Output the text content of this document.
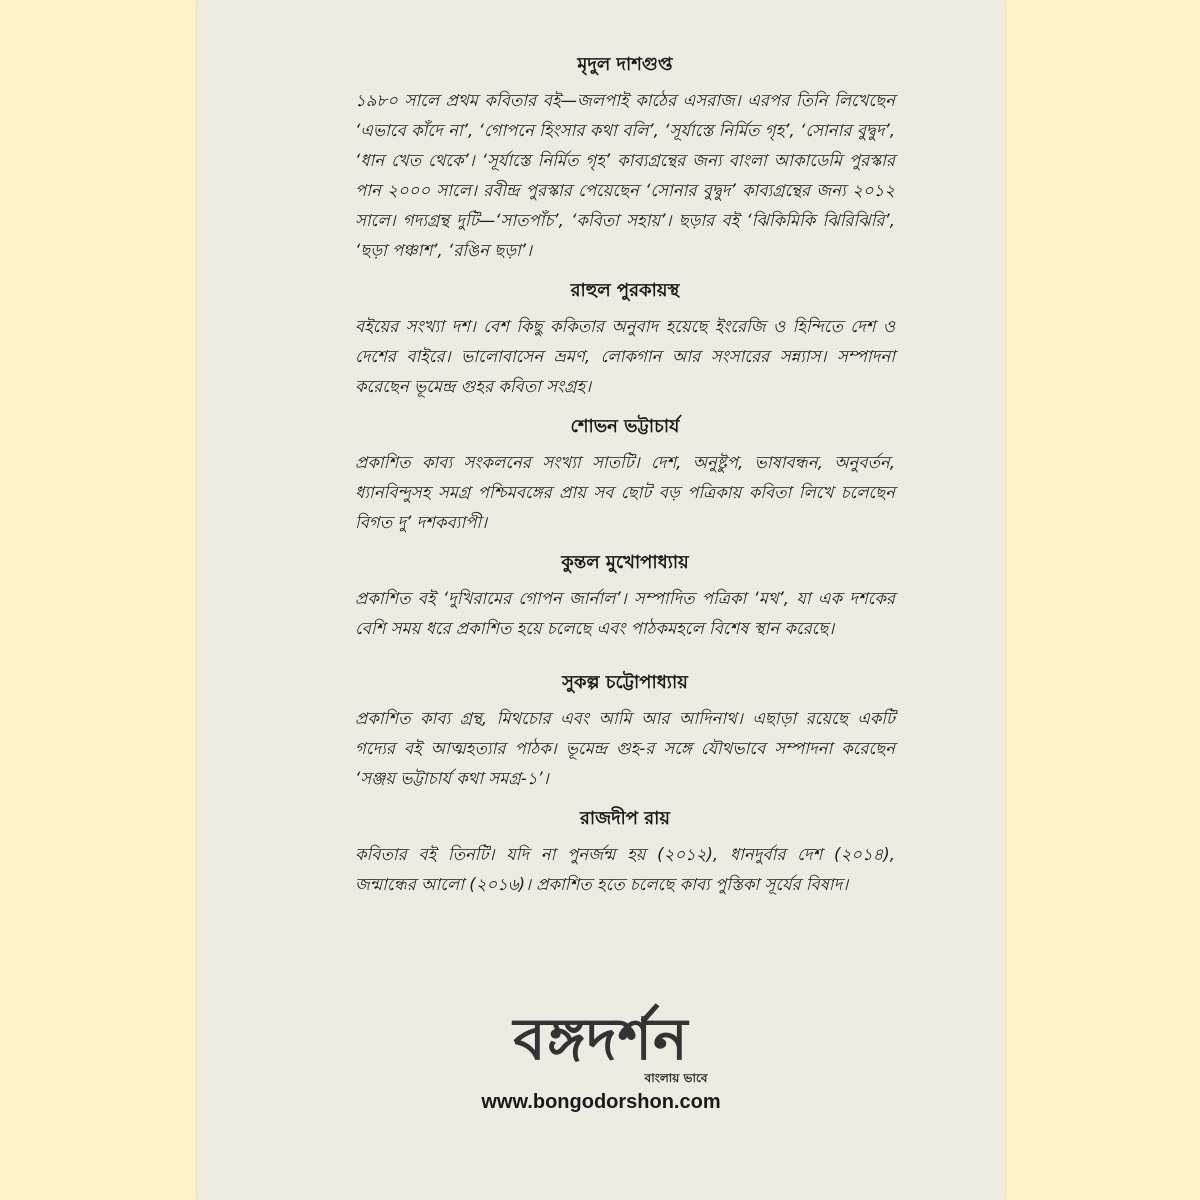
মৃদুল দাশগুপ্ত

১৯৮০ সালে প্রথম কবিতার বই—জলপাই কাঠের এসরাজ। এরপর তিনি লিখেছেন ‘এভাবে কাঁদে না’, ‘গোপনে হিংসার কথা বলি’, ‘সূর্যাস্তে নির্মিত গৃহ’, ‘সোনার বুদ্বুদ’, ‘ধান খেত থেকে’। ‘সূর্যাস্তে নির্মিত গৃহ’ কাব্যগ্রন্থের জন্য বাংলা আকাডেমি পুরস্কার পান ২০০০ সালে। রবীন্দ্র পুরস্কার পেয়েছেন ‘সোনার বুদ্বুদ’ কাব্যগ্রন্থের জন্য ২০১২ সালে। গদ্যগ্রন্থ দুটি—‘সাতপাঁচ’, ‘কবিতা সহায়’। ছড়ার বই ‘ঝিকিমিকি ঝিরিঝিরি’, ‘ছড়া পঞ্চাশ’, ‘রঙিন ছড়া’।

রাহুল পুরকায়স্থ

বইয়ের সংখ্যা দশ। বেশ কিছু ককিতার অনুবাদ হয়েছে ইংরেজি ও হিন্দিতে দেশ ও দেশের বাইরে। ভালোবাসেন ভ্রমণ, লোকগান আর সংসারের সন্ন্যাস। সম্পাদনা করেছেন ভূমেন্দ্র গুহর কবিতা সংগ্রহ।

শোভন ভট্টাচার্য

প্রকাশিত কাব্য সংকলনের সংখ্যা সাতটি। দেশ, অনুষ্টুপ, ভাষাবন্ধন, অনুবর্তন, ধ্যানবিন্দুসহ সমগ্র পশ্চিমবঙ্গের প্রায় সব ছোট বড় পত্রিকায় কবিতা লিখে চলেছেন বিগত দু’ দশকব্যাপী।

কুন্তল মুখোপাধ্যায়

প্রকাশিত বই ‘দুখিরামের গোপন জার্নাল’। সম্পাদিত পত্রিকা ‘মথ’, যা এক দশকের বেশি সময় ধরে প্রকাশিত হয়ে চলেছে এবং পাঠকমহলে বিশেষ স্থান করেছে।

সুকল্প চট্টোপাধ্যায়

প্রকাশিত কাব্য গ্রন্থ, মিথচোর এবং আমি আর আদিনাথ। এছাড়া রয়েছে একটি গদ্যের বই আত্মহত্যার পাঠক। ভূমেন্দ্র গুহ-র সঙ্গে যৌথভাবে সম্পাদনা করেছেন ‘সঞ্জয় ভট্টাচার্য কথা সমগ্র-১’।

রাজদীপ রায়

কবিতার বই তিনটি। যদি না পুনর্জন্ম হয় (২০১২), ধানদুর্বার দেশ (২০১৪), জন্মান্ধের আলো (২০১৬)। প্রকাশিত হতে চলেছে কাব্য পুস্তিকা সূর্যের বিষাদ।

বঙ্গদর্শন
বাংলায় ভাবে
www.bongodorshon.com
